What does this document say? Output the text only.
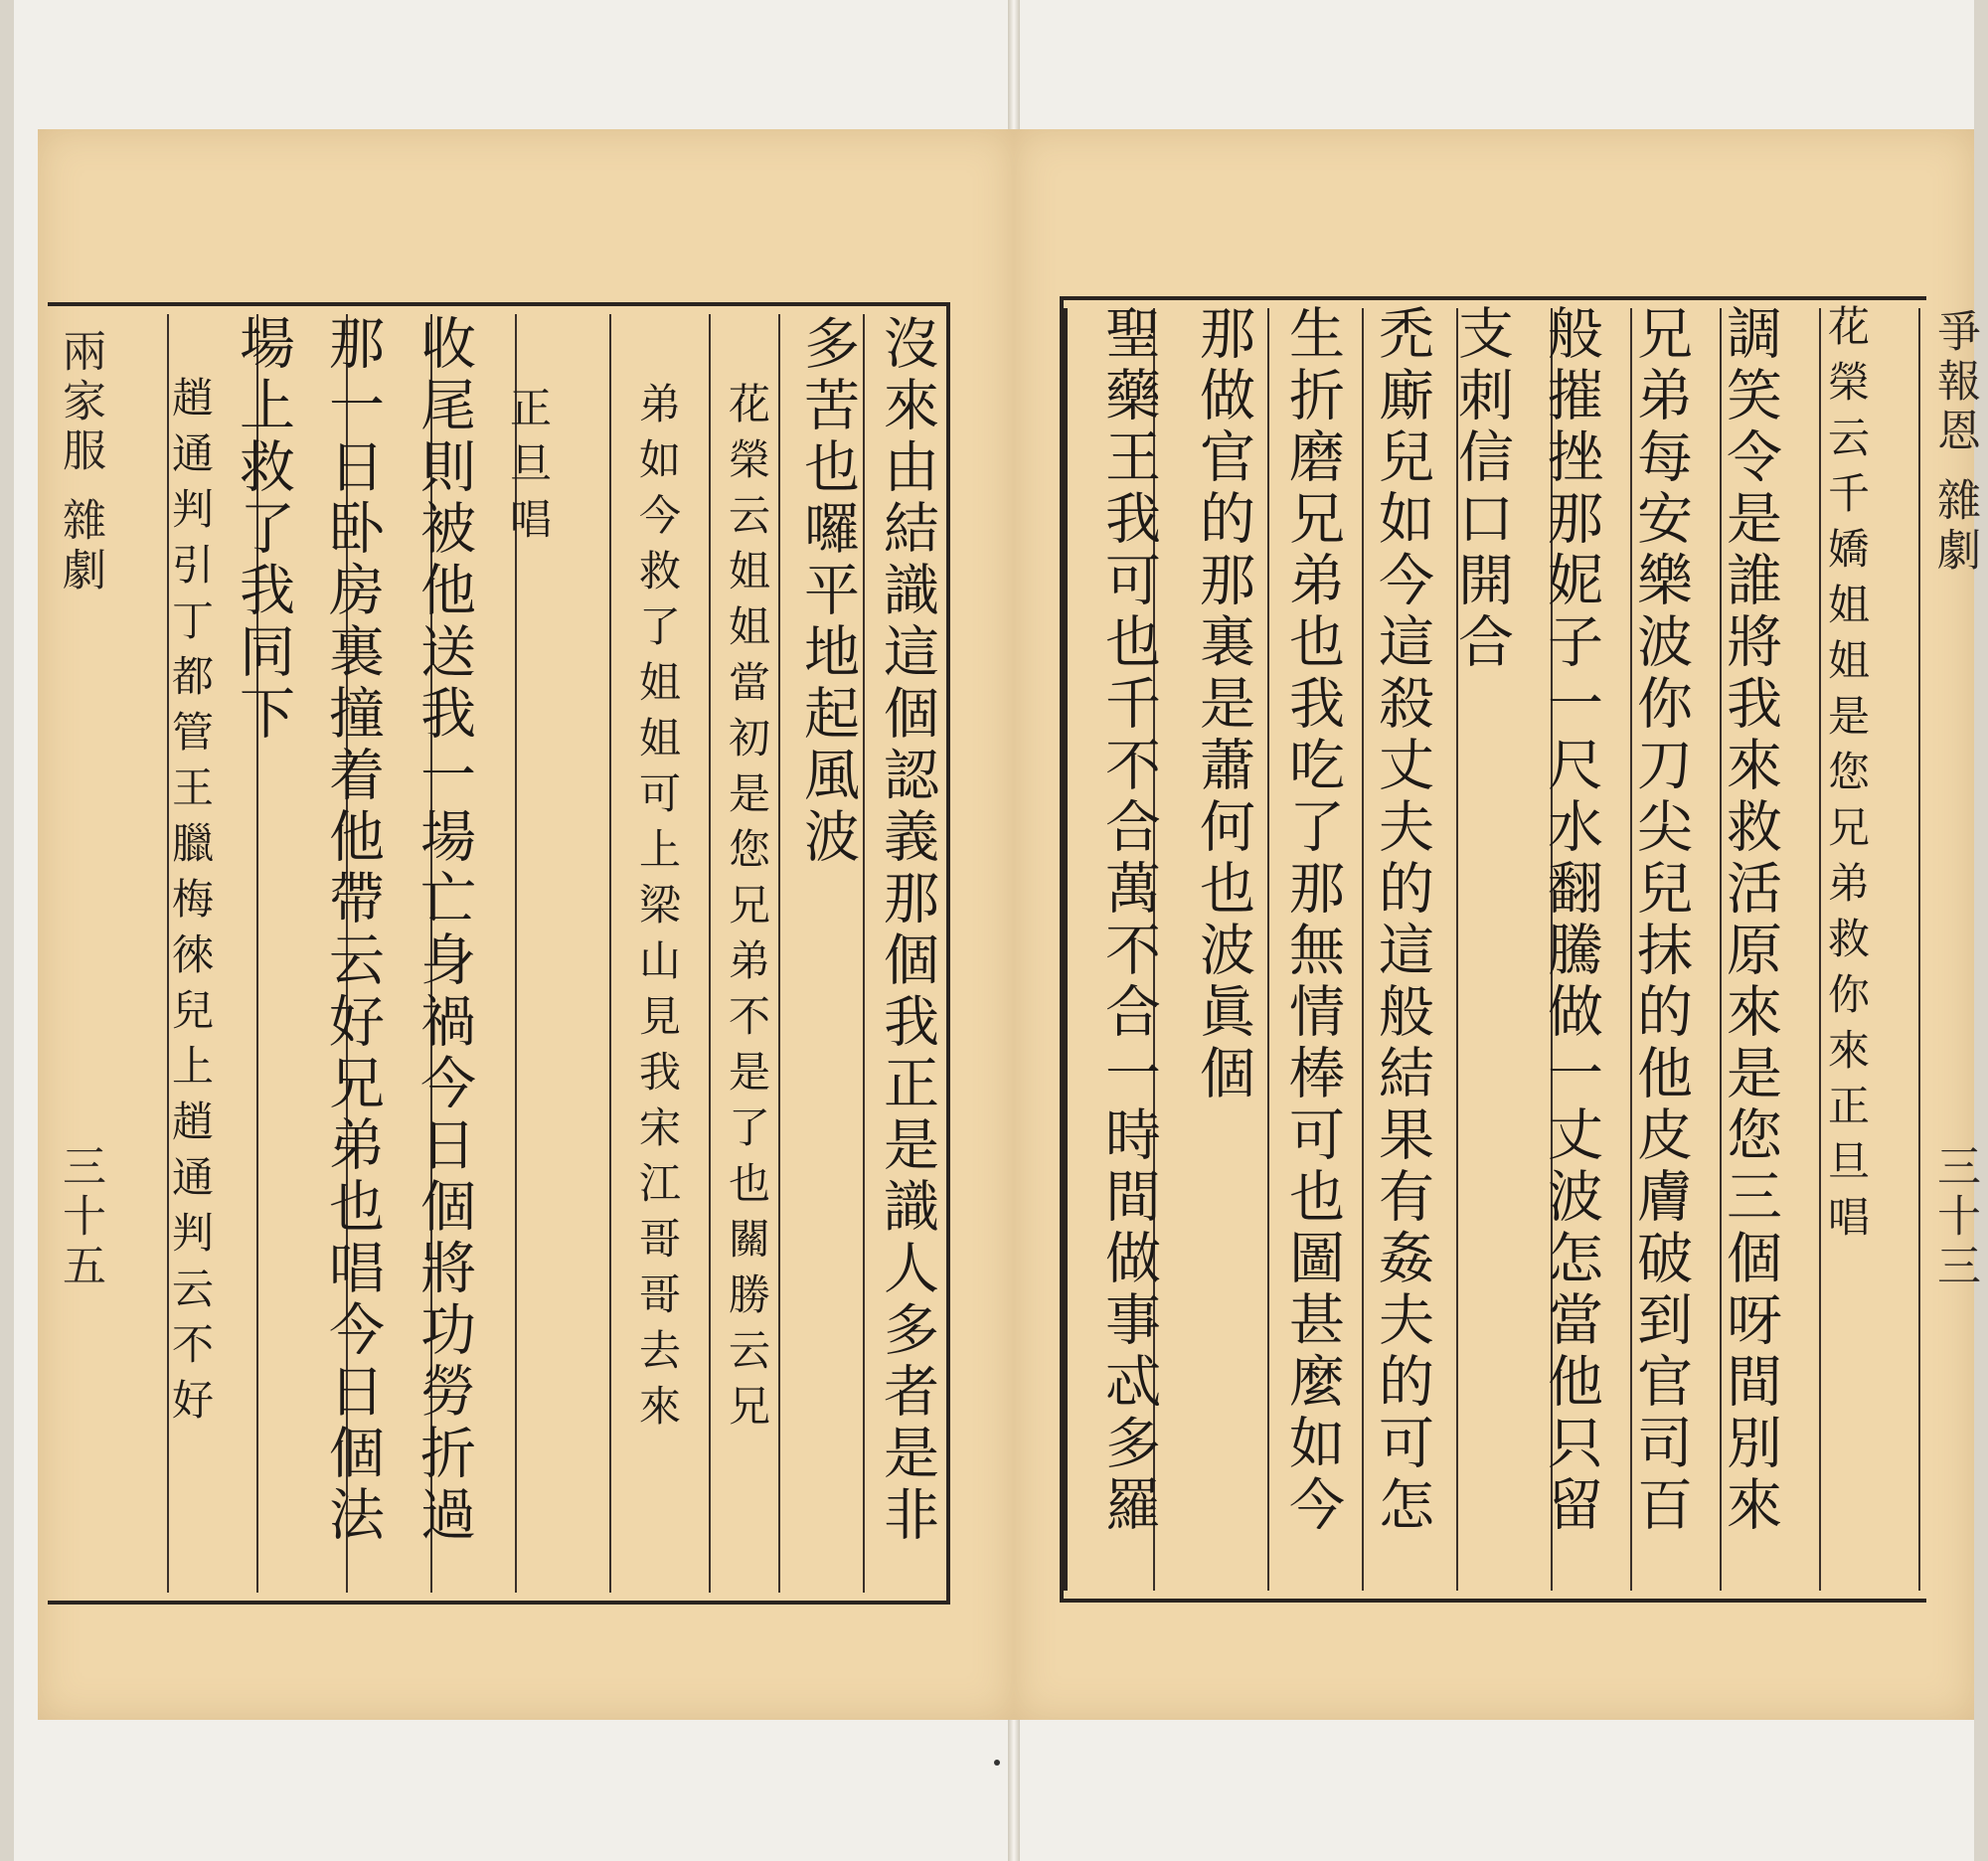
沒來由結識這個認義那個我正是識人多者是非
多苦也囉平地起風波
花榮云姐姐當初是您兄弟不是了也關勝云兄
弟如今救了姐姐可上梁山見我宋江哥哥去來
正旦唱
收尾則被他送我一場亡身禍今日個將功勞折過
那一日卧房裏撞着他帶云好兄弟也唱今日個法
場上救了我同下
趙通判引丁都管王臘梅徠兒上趙通判云不好
兩家服 雜劇
三十五	調笑令是誰將我來救活原來是您三個呀間別來
兄弟每安樂波你刀尖兒抹的他皮膚破到官司百
般摧挫那妮子一尺水翻騰做一丈波怎當他只留
支刺信口開合
禿廝兒如今這殺丈夫的這般結果有姦夫的可怎
生折磨兄弟也我吃了那無情棒可也圖甚麼如今
那做官的那裏是蕭何也波眞個
聖藥王我可也千不合萬不合一時間做事忒多羅	花榮云千嬌姐姐是您兄弟救你來正旦唱 爭報恩 雜劇
三十三
